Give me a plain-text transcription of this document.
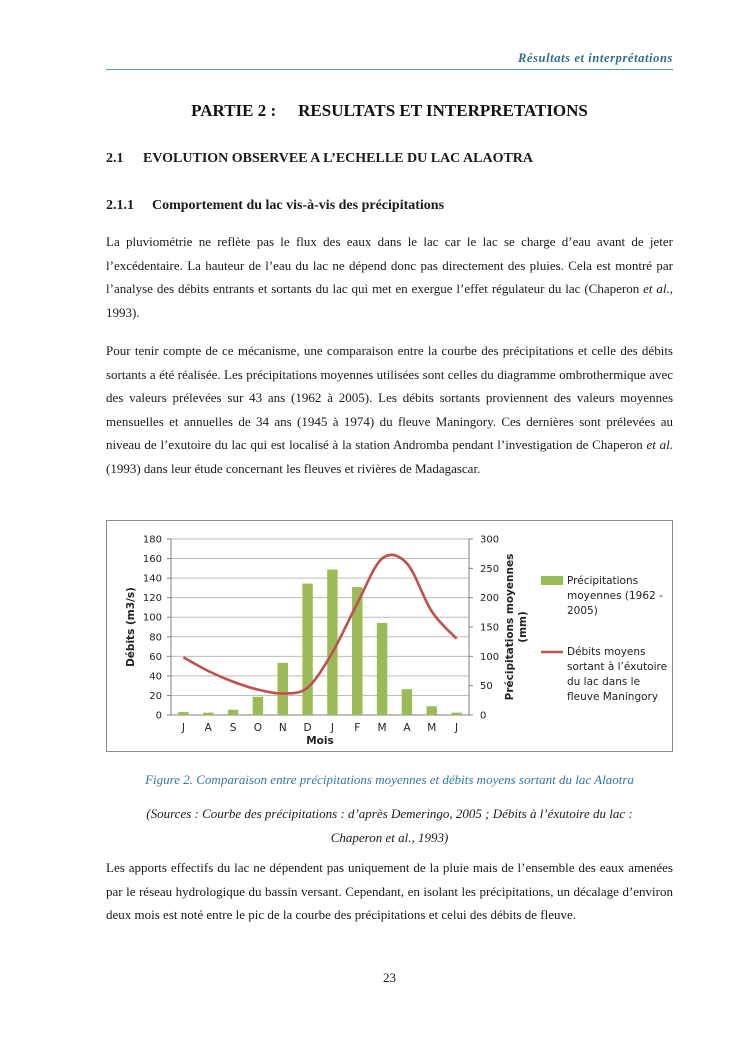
Résultats et interprétations
PARTIE 2 : RESULTATS ET INTERPRETATIONS
2.1 EVOLUTION OBSERVEE A L’ECHELLE DU LAC ALAOTRA
2.1.1 Comportement du lac vis-à-vis des précipitations

La pluviométrie ne reflète pas le flux des eaux dans le lac car le lac se charge d’eau avant de jeter l’excédentaire. La hauteur de l’eau du lac ne dépend donc pas directement des pluies. Cela est montré par l’analyse des débits entrants et sortants du lac qui met en exergue l’effet régulateur du lac (Chaperon et al., 1993).

Pour tenir compte de ce mécanisme, une comparaison entre la courbe des précipitations et celle des débits sortants a été réalisée. Les précipitations moyennes utilisées sont celles du diagramme ombrothermique avec des valeurs prélevées sur 43 ans (1962 à 2005). Les débits sortants proviennent des valeurs moyennes mensuelles et annuelles de 34 ans (1945 à 1974) du fleuve Maningory. Ces dernières sont prélevées au niveau de l’exutoire du lac qui est localisé à la station Andromba pendant l’investigation de Chaperon et al. (1993) dans leur étude concernant les fleuves et rivières de Madagascar.

0
20
40
60
80
100
120
140
160
180
0
50
100
150
200
250
300
J A S O N D J F M A M J
Mois
Débits (m3/s)	Précipitations moyennes(mm)
Précipitations
moyennes (1962 -
2005)
Débits moyens
sortant à l’éxutoire
du lac dans le
fleuve Maningory
Figure 2. Comparaison entre précipitations moyennes et débits moyens sortant du lac Alaotra
(Sources : Courbe des précipitations : d’après Demeringo, 2005 ; Débits à l’éxutoire du lac :
Chaperon et al., 1993)

Les apports effectifs du lac ne dépendent pas uniquement de la pluie mais de l’ensemble des eaux amenées par le réseau hydrologique du bassin versant. Cependant, en isolant les précipitations, un décalage d’environ deux mois est noté entre le pic de la courbe des précipitations et celui des débits de fleuve.

23
